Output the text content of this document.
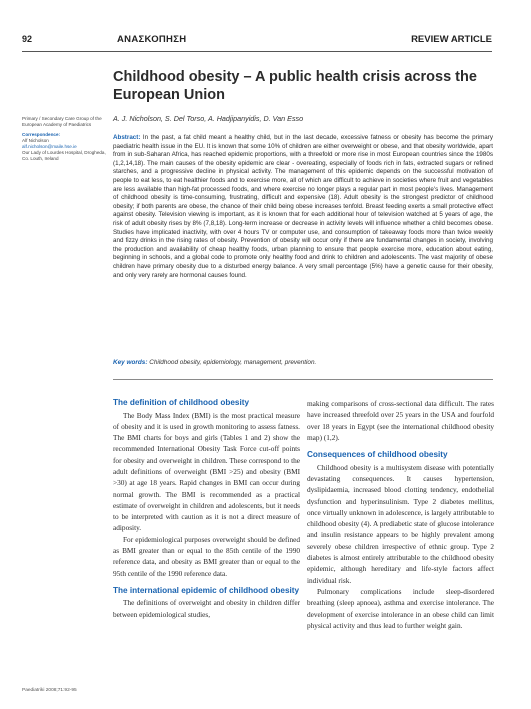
92	ΑΝΑΣΚΟΠΗΣΗ	REVIEW ARTICLE
Childhood obesity – A public health crisis across the European Union
A. J. Nicholson, S. Del Torso, A. Hadjipanyidis, D. Van Esso
Primary / Secondary Care Group of the European Academy of Paediatrics
Correspondence:
Alf Nicholson
alf.nicholson@maile.hse.ie
Our Lady of Lourdes Hospital, Drogheda, Co. Louth, Ireland
Abstract: In the past, a fat child meant a healthy child, but in the last decade, excessive fatness or obesity has become the primary paediatric health issue in the EU. It is known that some 10% of children are either overweight or obese, and that obesity worldwide, apart from in sub-Saharan Africa, has reached epidemic proportions, with a threefold or more rise in most European countries since the 1980s (1,2,14,18). The main causes of the obesity epidemic are clear - overeating, especially of foods rich in fats, extracted sugars or refined starches, and a progressive decline in physical activity. The management of this epidemic depends on the successful motivation of people to eat less, to eat healthier foods and to exercise more, all of which are difficult to achieve in societies where fruit and vegetables are less available than high-fat processed foods, and where exercise no longer plays a regular part in most people's lives. Management of childhood obesity is time-consuming, frustrating, difficult and expensive (18). Adult obesity is the strongest predictor of childhood obesity; if both parents are obese, the chance of their child being obese increases tenfold. Breast feeding exerts a small protective effect against obesity. Television viewing is important, as it is known that for each additional hour of television watched at 5 years of age, the risk of adult obesity rises by 8% (7,8,18). Long-term increase or decrease in activity levels will influence whether a child becomes obese. Studies have implicated inactivity, with over 4 hours TV or computer use, and consumption of takeaway foods more than twice weekly and fizzy drinks in the rising rates of obesity. Prevention of obesity will occur only if there are fundamental changes in society, involving the production and availability of cheap healthy foods, urban planning to ensure that people exercise more, education about eating, beginning in schools, and a global code to promote only healthy food and drink to children and adolescents. The vast majority of obese children have primary obesity due to a disturbed energy balance. A very small percentage (5%) have a genetic cause for their obesity, and only very rarely are hormonal causes found.
Key words: Childhood obesity, epidemiology, management, prevention.
The definition of childhood obesity

The Body Mass Index (BMI) is the most practical measure of obesity and it is used in growth monitoring to assess fatness. The BMI charts for boys and girls (Tables 1 and 2) show the recommended International Obesity Task Force cut-off points for obesity and overweight in children. These correspond to the adult definitions of overweight (BMI >25) and obesity (BMI >30) at age 18 years. Rapid changes in BMI can occur during normal growth. The BMI is recommended as a practical estimate of overweight in children and adolescents, but it needs to be interpreted with caution as it is not a direct measure of adiposity.

For epidemiological purposes overweight should be defined as BMI greater than or equal to the 85th centile of the 1990 reference data, and obesity as BMI greater than or equal to the 95th centile of the 1990 reference data.

The international epidemic of childhood obesity

The definitions of overweight and obesity in children differ between epidemiological studies,

making comparisons of cross-sectional data difficult. The rates have increased threefold over 25 years in the USA and fourfold over 18 years in Egypt (see the international childhood obesity map) (1,2).

Consequences of childhood obesity

Childhood obesity is a multisystem disease with potentially devastating consequences. It causes hypertension, dyslipidaemia, increased blood clotting tendency, endothelial dysfunction and hyperinsulinism. Type 2 diabetes mellitus, once virtually unknown in adolescence, is largely attributable to childhood obesity (4). A prediabetic state of glucose intolerance and insulin resistance appears to be highly prevalent among severely obese children irrespective of ethnic group. Type 2 diabetes is almost entirely attributable to the childhood obesity epidemic, although hereditary and life-style factors affect individual risk.

Pulmonary complications include sleep-disordered breathing (sleep apnoea), asthma and exercise intolerance. The development of exercise intolerance in an obese child can limit physical activity and thus lead to further weight gain.

Paediatriki 2008;71:92-95
